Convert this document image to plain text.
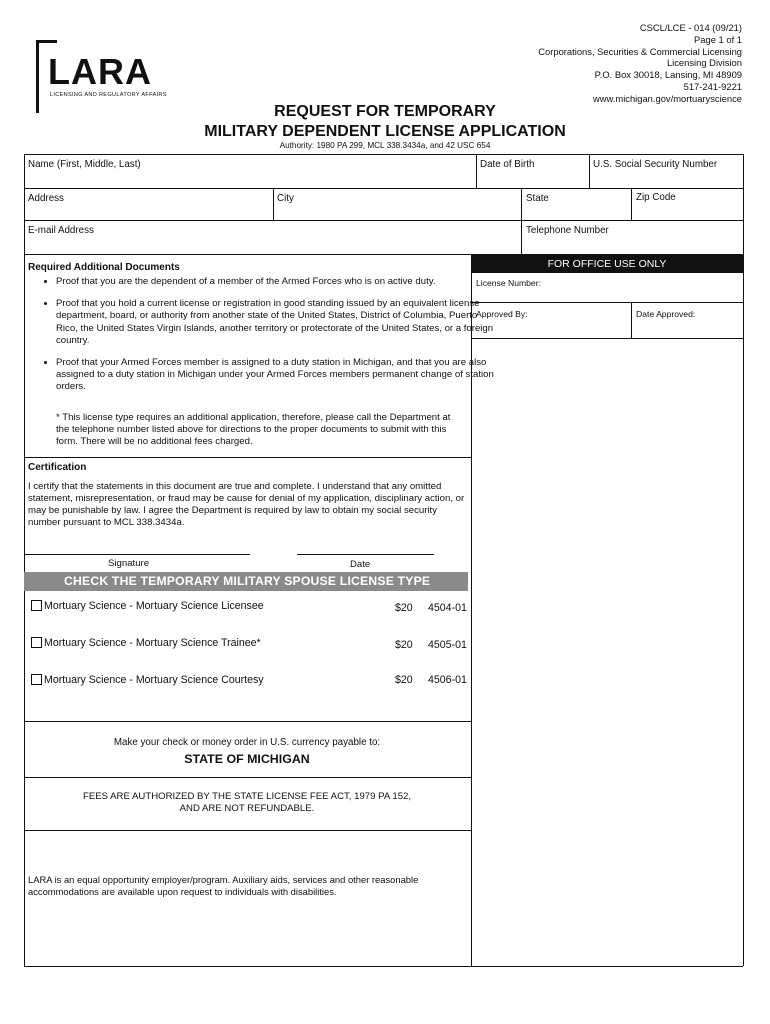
CSCL/LCE - 014 (09/21)
Page 1 of 1
Corporations, Securities & Commercial Licensing
Licensing Division
P.O. Box 30018, Lansing, MI 48909
517-241-9221
www.michigan.gov/mortuaryscience
LARA
LICENSING AND REGULATORY AFFAIRS
REQUEST FOR TEMPORARY
MILITARY DEPENDENT LICENSE APPLICATION
Authority: 1980 PA 299, MCL 338.3434a, and 42 USC 654
Name (First, Middle, Last)	Date of Birth	U.S. Social Security Number
Address	City	State	Zip Code
E-mail Address	Telephone Number
FOR OFFICE USE ONLY
License Number:
Approved By:	Date Approved:
Required Additional Documents
• Proof that you are the dependent of a member of the Armed Forces who is on active duty.
• Proof that you hold a current license or registration in good standing issued by an equivalent license department, board, or authority from another state of the United States, District of Columbia, Puerto Rico, the United States Virgin Islands, another territory or protectorate of the United States, or a foreign country.
• Proof that your Armed Forces member is assigned to a duty station in Michigan, and that you are also assigned to a duty station in Michigan under your Armed Forces members permanent change of station orders.
* This license type requires an additional application, therefore, please call the Department at the telephone number listed above for directions to the proper documents to submit with this form. There will be no additional fees charged.
Certification
I certify that the statements in this document are true and complete. I understand that any omitted statement, misrepresentation, or fraud may be cause for denial of my application, disciplinary action, or may be punishable by law. I agree the Department is required by law to obtain my social security number pursuant to MCL 338.3434a.
Signature	Date
CHECK THE TEMPORARY MILITARY SPOUSE LICENSE TYPE
Mortuary Science - Mortuary Science Licensee	$20 4504-01
Mortuary Science - Mortuary Science Trainee*	$20 4505-01
Mortuary Science - Mortuary Science Courtesy	$20 4506-01
Make your check or money order in U.S. currency payable to:
STATE OF MICHIGAN
FEES ARE AUTHORIZED BY THE STATE LICENSE FEE ACT, 1979 PA 152,
AND ARE NOT REFUNDABLE.
LARA is an equal opportunity employer/program. Auxiliary aids, services and other reasonable accommodations are available upon request to individuals with disabilities.
